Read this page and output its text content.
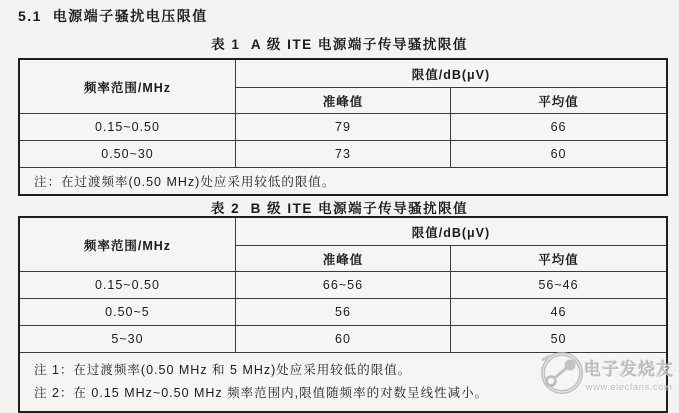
5.1  电源端子骚扰电压限值
表 1  A 级 ITE 电源端子传导骚扰限值
频率范围/MHz	限值/dB(μV)	
	准峰值	平均值
0.15~0.50	79	66
0.50~30	73	60
注：在过渡频率(0.50 MHz)处应采用较低的限值。		
表 2  B 级 ITE 电源端子传导骚扰限值
频率范围/MHz	限值/dB(μV)	
	准峰值	平均值
0.15~0.50	66~56	56~46
0.50~5	56	46
5~30	60	50

注 1：在过渡频率(0.50 MHz 和 5 MHz)处应采用较低的限值。
注 2：在 0.15 MHz~0.50 MHz 频率范围内,限值随频率的对数呈线性减小。		
电子发烧友
www.elecfans.com
